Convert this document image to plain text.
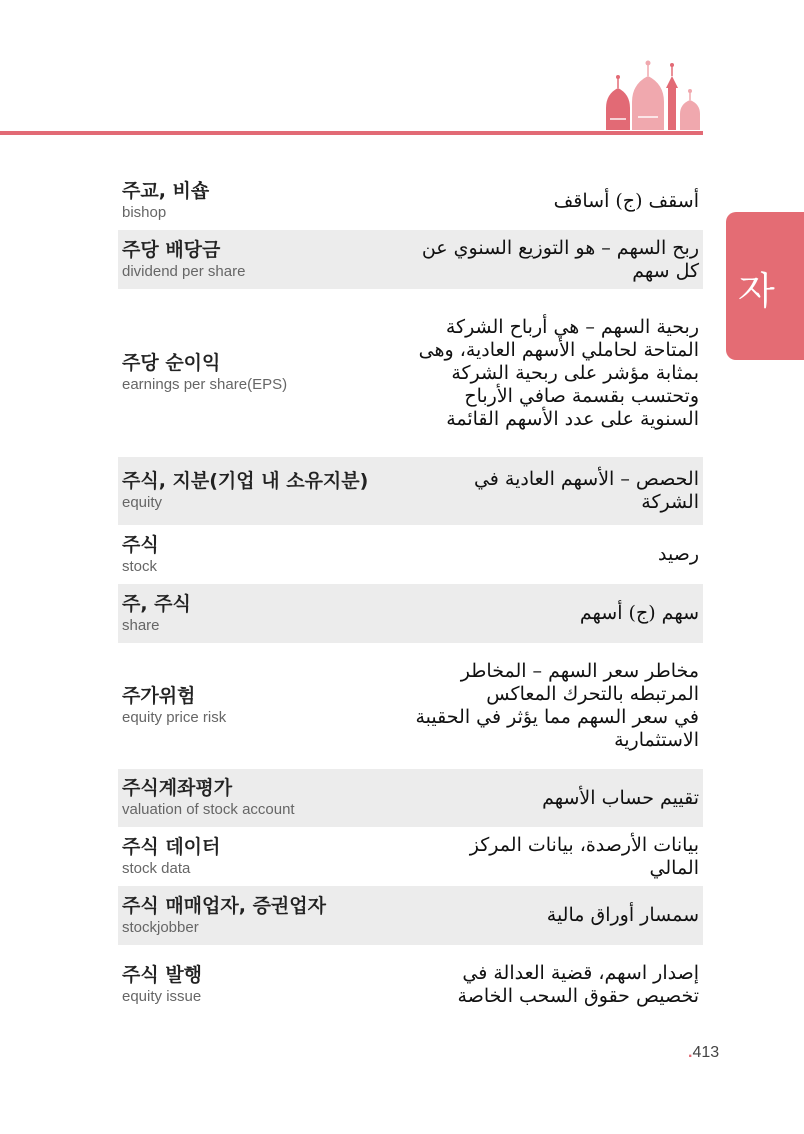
자
주교, 비숍
bishop
أسقف (ج) أساقف
주당 배당금
dividend per share
ربح السهم – هو التوزيع السنوي عن
كل سهم
주당 순이익
earnings per share(EPS)
ربحية السهم – هي أرباح الشركة
المتاحة لحاملي الأسهم العادية، وهى
بمثابة مؤشر على ربحية الشركة
وتحتسب بقسمة صافي الأرباح
السنوية على عدد الأسهم القائمة
주식, 지분(기업 내 소유지분)
equity
الحصص – الأسهم العادية في
الشركة
주식
stock
رصيد
주, 주식
share
سهم (ج) أسهم
주가위험
equity price risk
مخاطر سعر السهم – المخاطر
المرتبطه بالتحرك المعاكس
في سعر السهم مما يؤثر في الحقيبة
الاستثمارية
주식계좌평가
valuation of stock account
تقييم حساب الأسهم
주식 데이터
stock data
بيانات الأرصدة، بيانات المركز
المالي
주식 매매업자, 증권업자
stockjobber
سمسار أوراق مالية
주식 발행
equity issue
إصدار اسهم، قضية العدالة في
تخصيص حقوق السحب الخاصة
.413
